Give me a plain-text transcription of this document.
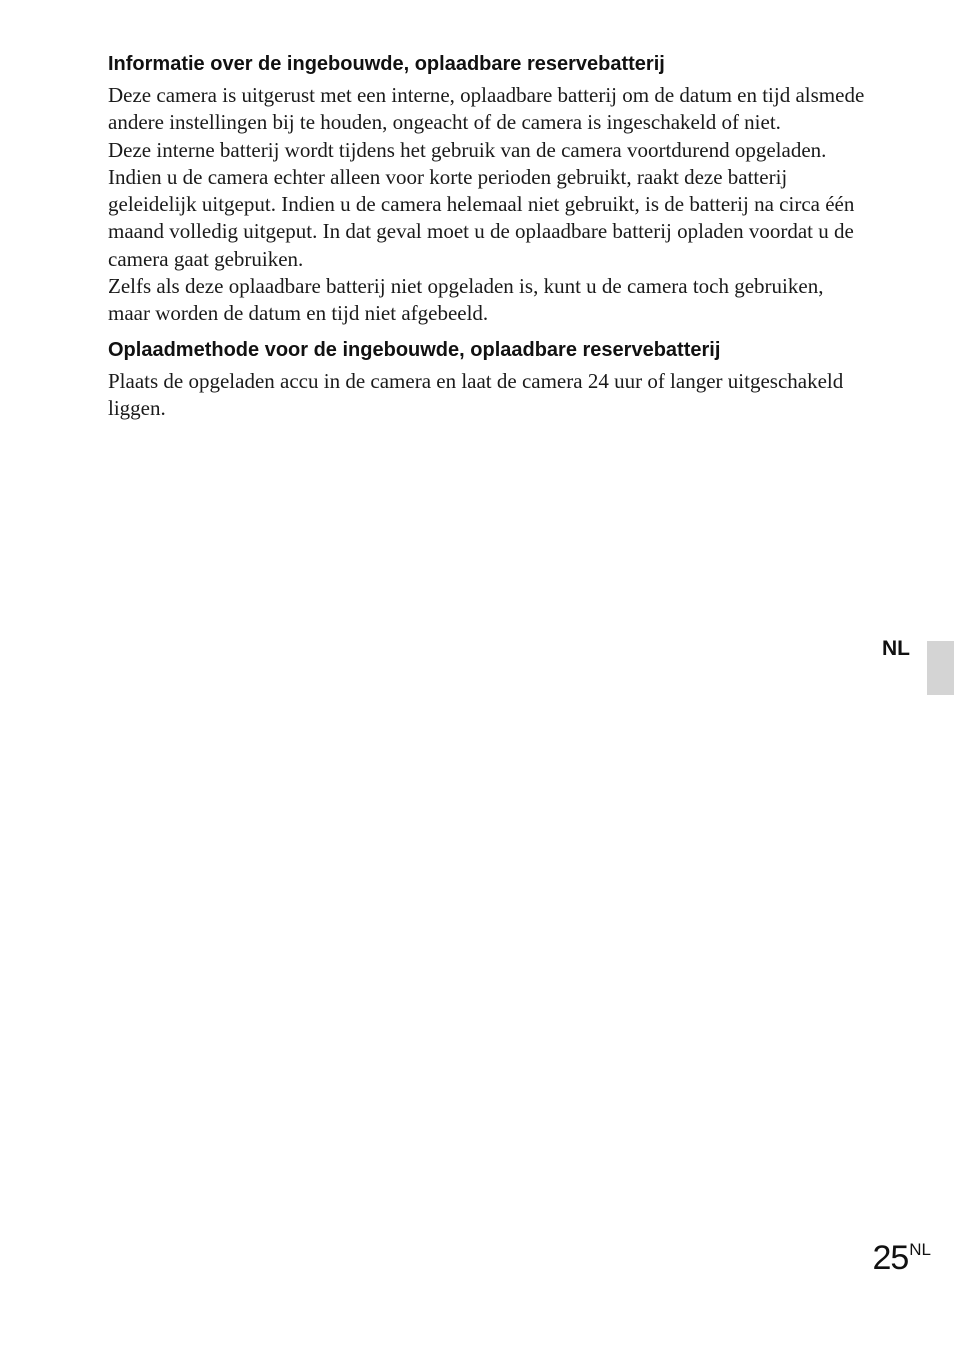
Informatie over de ingebouwde, oplaadbare reservebatterij

Deze camera is uitgerust met een interne, oplaadbare batterij om de datum en tijd alsmede andere instellingen bij te houden, ongeacht of de camera is ingeschakeld of niet.

Deze interne batterij wordt tijdens het gebruik van de camera voortdurend opgeladen. Indien u de camera echter alleen voor korte perioden gebruikt, raakt deze batterij geleidelijk uitgeput. Indien u de camera helemaal niet gebruikt, is de batterij na circa één maand volledig uitgeput. In dat geval moet u de oplaadbare batterij opladen voordat u de camera gaat gebruiken.

Zelfs als deze oplaadbare batterij niet opgeladen is, kunt u de camera toch gebruiken, maar worden de datum en tijd niet afgebeeld.

Oplaadmethode voor de ingebouwde, oplaadbare reservebatterij

Plaats de opgeladen accu in de camera en laat de camera 24 uur of langer uitgeschakeld liggen.

NL
25NL
